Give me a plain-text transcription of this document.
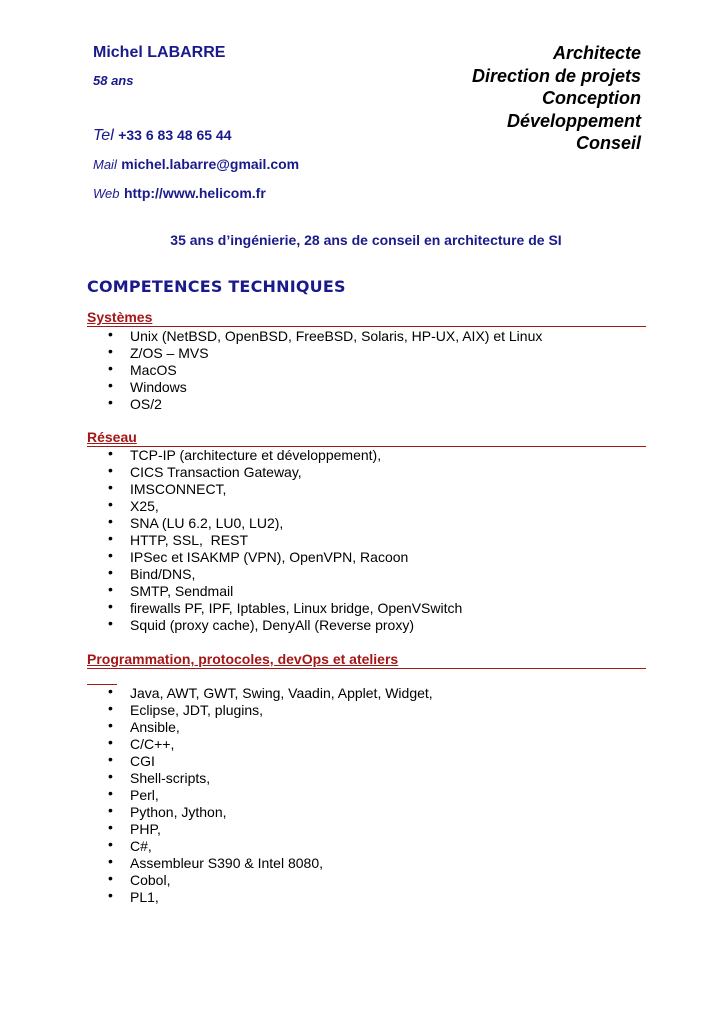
Michel LABARRE
58 ans
Tel +33 6 83 48 65 44
Mail michel.labarre@gmail.com
Web http://www.helicom.fr
Architecte
Direction de projets
Conception
Développement
Conseil
35 ans d’ingénierie, 28 ans de conseil en architecture de SI
COMPETENCES TECHNIQUES
Systèmes
• Unix (NetBSD, OpenBSD, FreeBSD, Solaris, HP-UX, AIX) et Linux
• Z/OS – MVS
• MacOS
• Windows
• OS/2
Réseau
• TCP-IP (architecture et développement),
• CICS Transaction Gateway,
• IMSCONNECT,
• X25,
• SNA (LU 6.2, LU0, LU2),
• HTTP, SSL,  REST
• IPSec et ISAKMP (VPN), OpenVPN, Racoon
• Bind/DNS,
• SMTP, Sendmail
• firewalls PF, IPF, Iptables, Linux bridge, OpenVSwitch
• Squid (proxy cache), DenyAll (Reverse proxy)
Programmation, protocoles, devOps et ateliers
• Java, AWT, GWT, Swing, Vaadin, Applet, Widget,
• Eclipse, JDT, plugins,
• Ansible,
• C/C++,
• CGI
• Shell-scripts,
• Perl,
• Python, Jython,
• PHP,
• C#,
• Assembleur S390 & Intel 8080,
• Cobol,
• PL1,
